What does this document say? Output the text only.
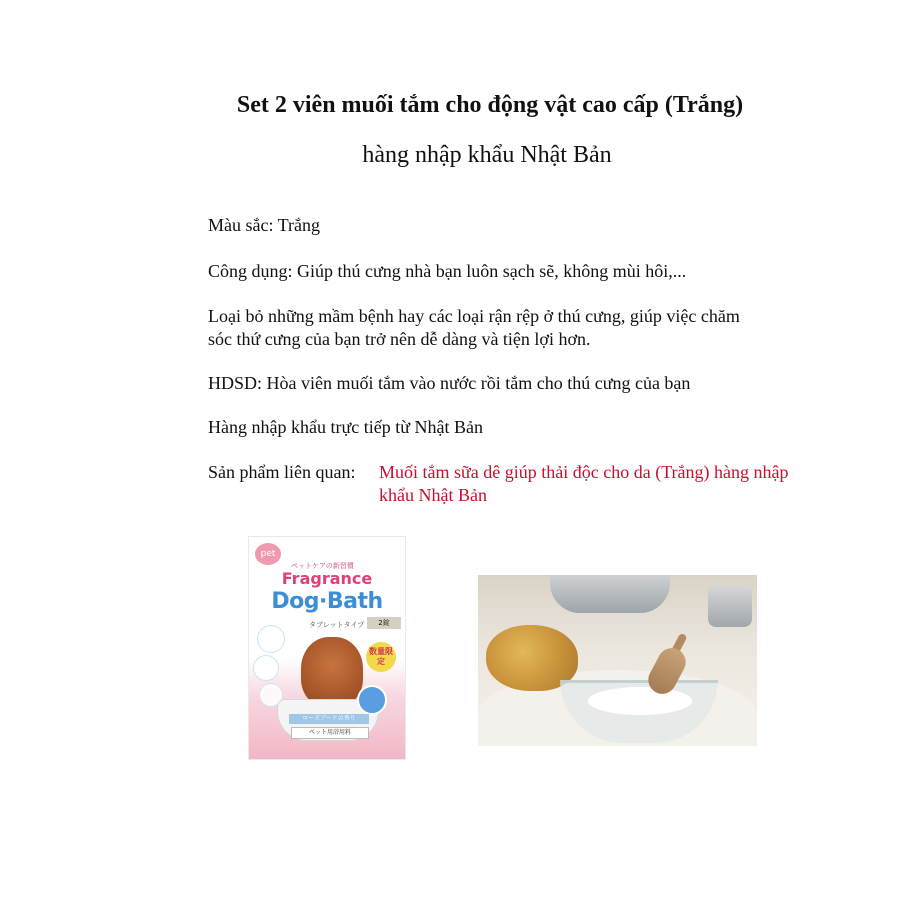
Set 2 viên muối tắm cho động vật cao cấp (Trắng)
hàng nhập khẩu Nhật Bản
Màu sắc: Trắng
Công dụng: Giúp thú cưng nhà bạn luôn sạch sẽ, không mùi hôi,...
Loại bỏ những mầm bệnh hay các loại rận rệp ở thú cưng, giúp việc chăm sóc thứ cưng của bạn trở nên dễ dàng và tiện lợi hơn.
HDSD: Hòa viên muối tắm vào nước rồi tắm cho thú cưng của bạn
Hàng nhập khẩu trực tiếp từ Nhật Bản
Sản phẩm liên quan: Muối tắm sữa dê giúp thải độc cho da (Trắng) hàng nhập khẩu Nhật Bản
pet
ペットケアの新習慣
Fragrance
Dog·Bath
タブレットタイプ	2錠
数量限定
ローズブーケの香り
ペット用浴用料
